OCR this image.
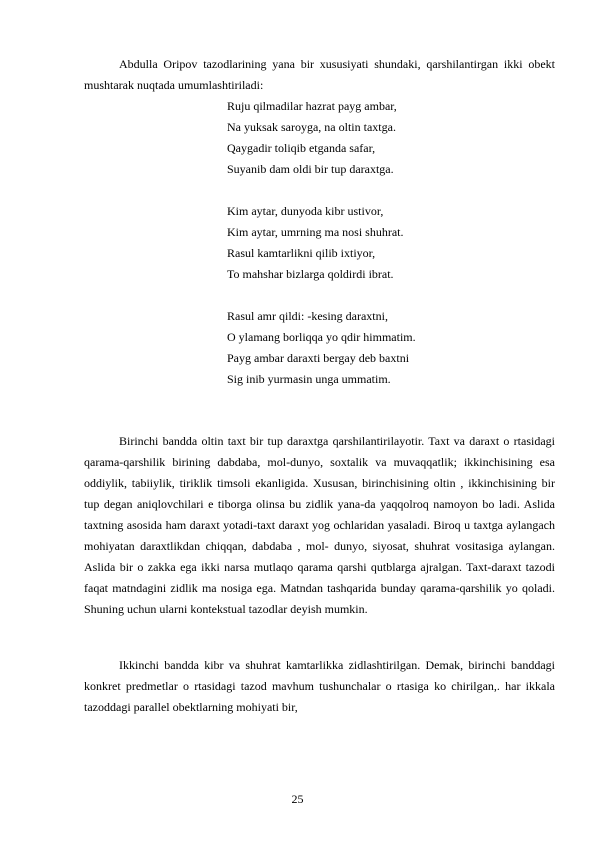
Abdulla Oripov tazodlarining yana bir xususiyati shundaki, qarshilantirgan ikki obekt mushtarak nuqtada umumlashtiriladi:

Ruju qilmadilar hazrat payg ambar,
Na yuksak saroyga, na oltin taxtga.
Qaygadir toliqib etganda safar,
Suyanib dam oldi bir tup daraxtga.
Kim aytar, dunyoda kibr ustivor,
Kim aytar, umrning ma nosi shuhrat.
Rasul kamtarlikni qilib ixtiyor,
To mahshar bizlarga qoldirdi ibrat.
Rasul amr qildi: -kesing daraxtni,
O ylamang borliqqa yo qdir himmatim.
Payg ambar daraxti bergay deb baxtni
Sig inib yurmasin unga ummatim.

Birinchi bandda oltin taxt bir tup daraxtga qarshilantirilayotir. Taxt va daraxt o rtasidagi qarama-qarshilik birining dabdaba, mol-dunyo, soxtalik va muvaqqatlik; ikkinchisining esa oddiylik, tabiiylik, tiriklik timsoli ekanligida. Xususan, birinchisining oltin , ikkinchisining bir tup degan aniqlovchilari e tiborga olinsa bu zidlik yana-da yaqqolroq namoyon bo ladi. Aslida taxtning asosida ham daraxt yotadi-taxt daraxt yog ochlaridan yasaladi. Biroq u taxtga aylangach mohiyatan daraxtlikdan chiqqan, dabdaba , mol- dunyo, siyosat, shuhrat vositasiga aylangan. Aslida bir o zakka ega ikki narsa mutlaqo qarama qarshi qutblarga ajralgan. Taxt-daraxt tazodi faqat matndagini zidlik ma nosiga ega. Matndan tashqarida bunday qarama-qarshilik yo qoladi. Shuning uchun ularni kontekstual tazodlar deyish mumkin.

Ikkinchi bandda kibr va shuhrat kamtarlikka zidlashtirilgan. Demak, birinchi banddagi konkret predmetlar o rtasidagi tazod mavhum tushunchalar o rtasiga ko chirilgan,. har ikkala tazoddagi parallel obektlarning mohiyati bir,

25
